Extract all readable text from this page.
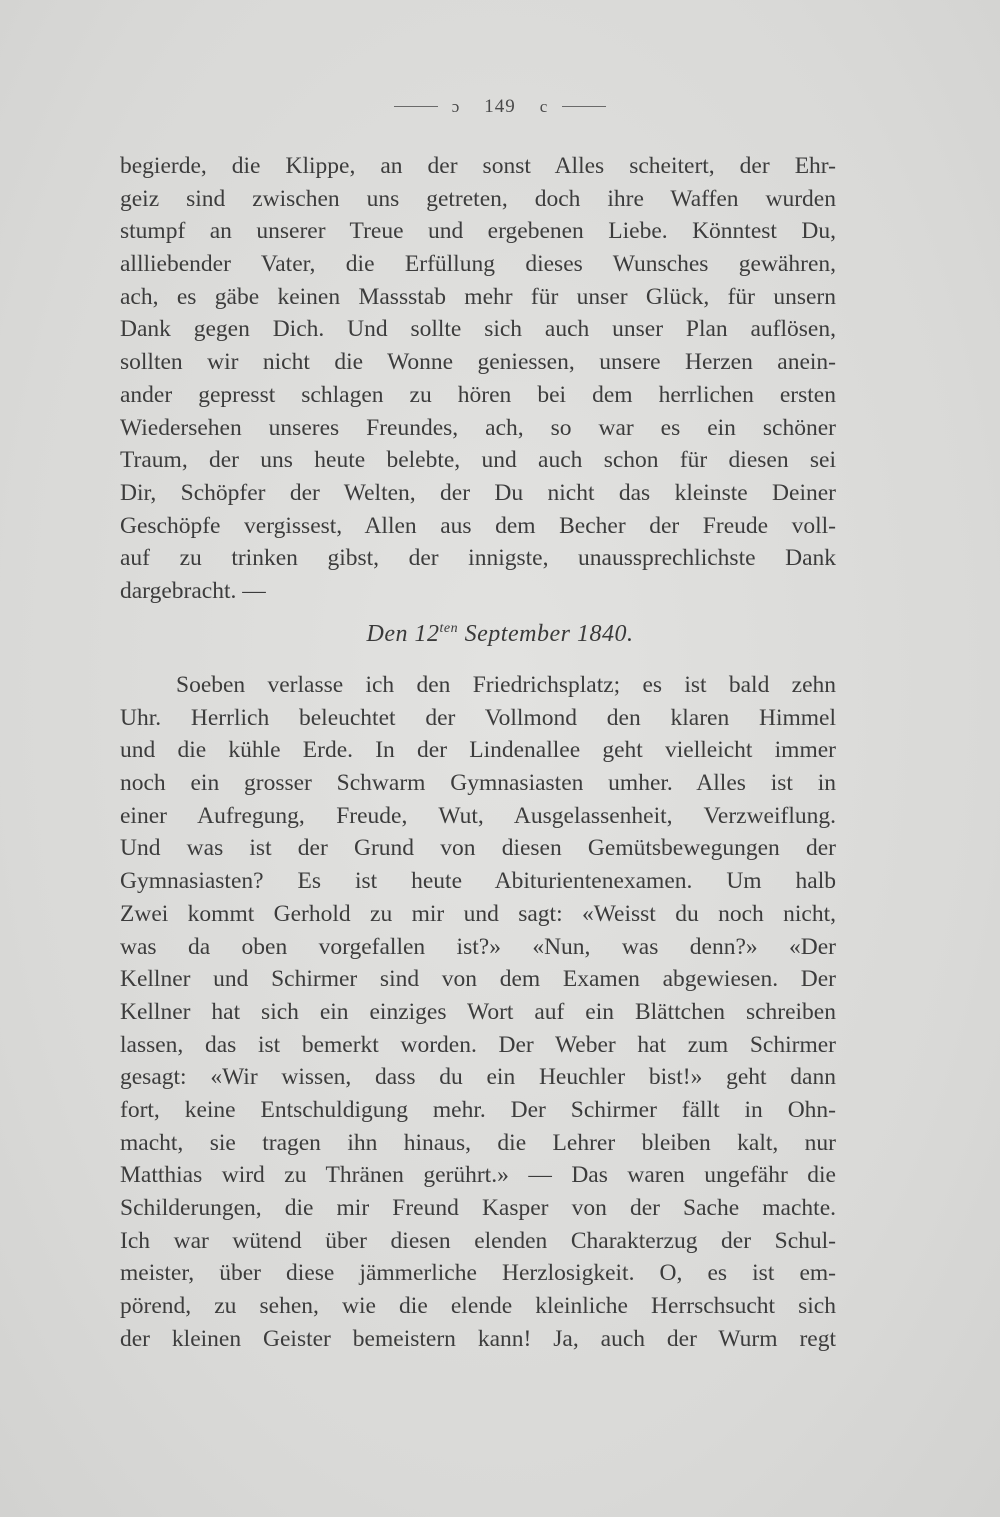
ɔ 149 c
begierde, die Klippe, an der sonst Alles scheitert, der Ehr-
geiz sind zwischen uns getreten, doch ihre Waffen wurden
stumpf an unserer Treue und ergebenen Liebe. Könntest Du,
allliebender Vater, die Erfüllung dieses Wunsches gewähren,
ach, es gäbe keinen Massstab mehr für unser Glück, für unsern
Dank gegen Dich. Und sollte sich auch unser Plan auflösen,
sollten wir nicht die Wonne geniessen, unsere Herzen anein-
ander gepresst schlagen zu hören bei dem herrlichen ersten
Wiedersehen unseres Freundes, ach, so war es ein schöner
Traum, der uns heute belebte, und auch schon für diesen sei
Dir, Schöpfer der Welten, der Du nicht das kleinste Deiner
Geschöpfe vergissest, Allen aus dem Becher der Freude voll-
auf zu trinken gibst, der innigste, unaussprechlichste Dank
dargebracht. —
Den $12^{ten}$ September 1840.
Soeben verlasse ich den Friedrichsplatz; es ist bald zehn
Uhr. Herrlich beleuchtet der Vollmond den klaren Himmel
und die kühle Erde. In der Lindenallee geht vielleicht immer
noch ein grosser Schwarm Gymnasiasten umher. Alles ist in
einer Aufregung, Freude, Wut, Ausgelassenheit, Verzweiflung.
Und was ist der Grund von diesen Gemütsbewegungen der
Gymnasiasten? Es ist heute Abiturientenexamen. Um halb
Zwei kommt Gerhold zu mir und sagt: «Weisst du noch nicht,
was da oben vorgefallen ist?» «Nun, was denn?» «Der
Kellner und Schirmer sind von dem Examen abgewiesen. Der
Kellner hat sich ein einziges Wort auf ein Blättchen schreiben
lassen, das ist bemerkt worden. Der Weber hat zum Schirmer
gesagt: «Wir wissen, dass du ein Heuchler bist!» geht dann
fort, keine Entschuldigung mehr. Der Schirmer fällt in Ohn-
macht, sie tragen ihn hinaus, die Lehrer bleiben kalt, nur
Matthias wird zu Thränen gerührt.» — Das waren ungefähr die
Schilderungen, die mir Freund Kasper von der Sache machte.
Ich war wütend über diesen elenden Charakterzug der Schul-
meister, über diese jämmerliche Herzlosigkeit. O, es ist em-
pörend, zu sehen, wie die elende kleinliche Herrschsucht sich
der kleinen Geister bemeistern kann! Ja, auch der Wurm regt
